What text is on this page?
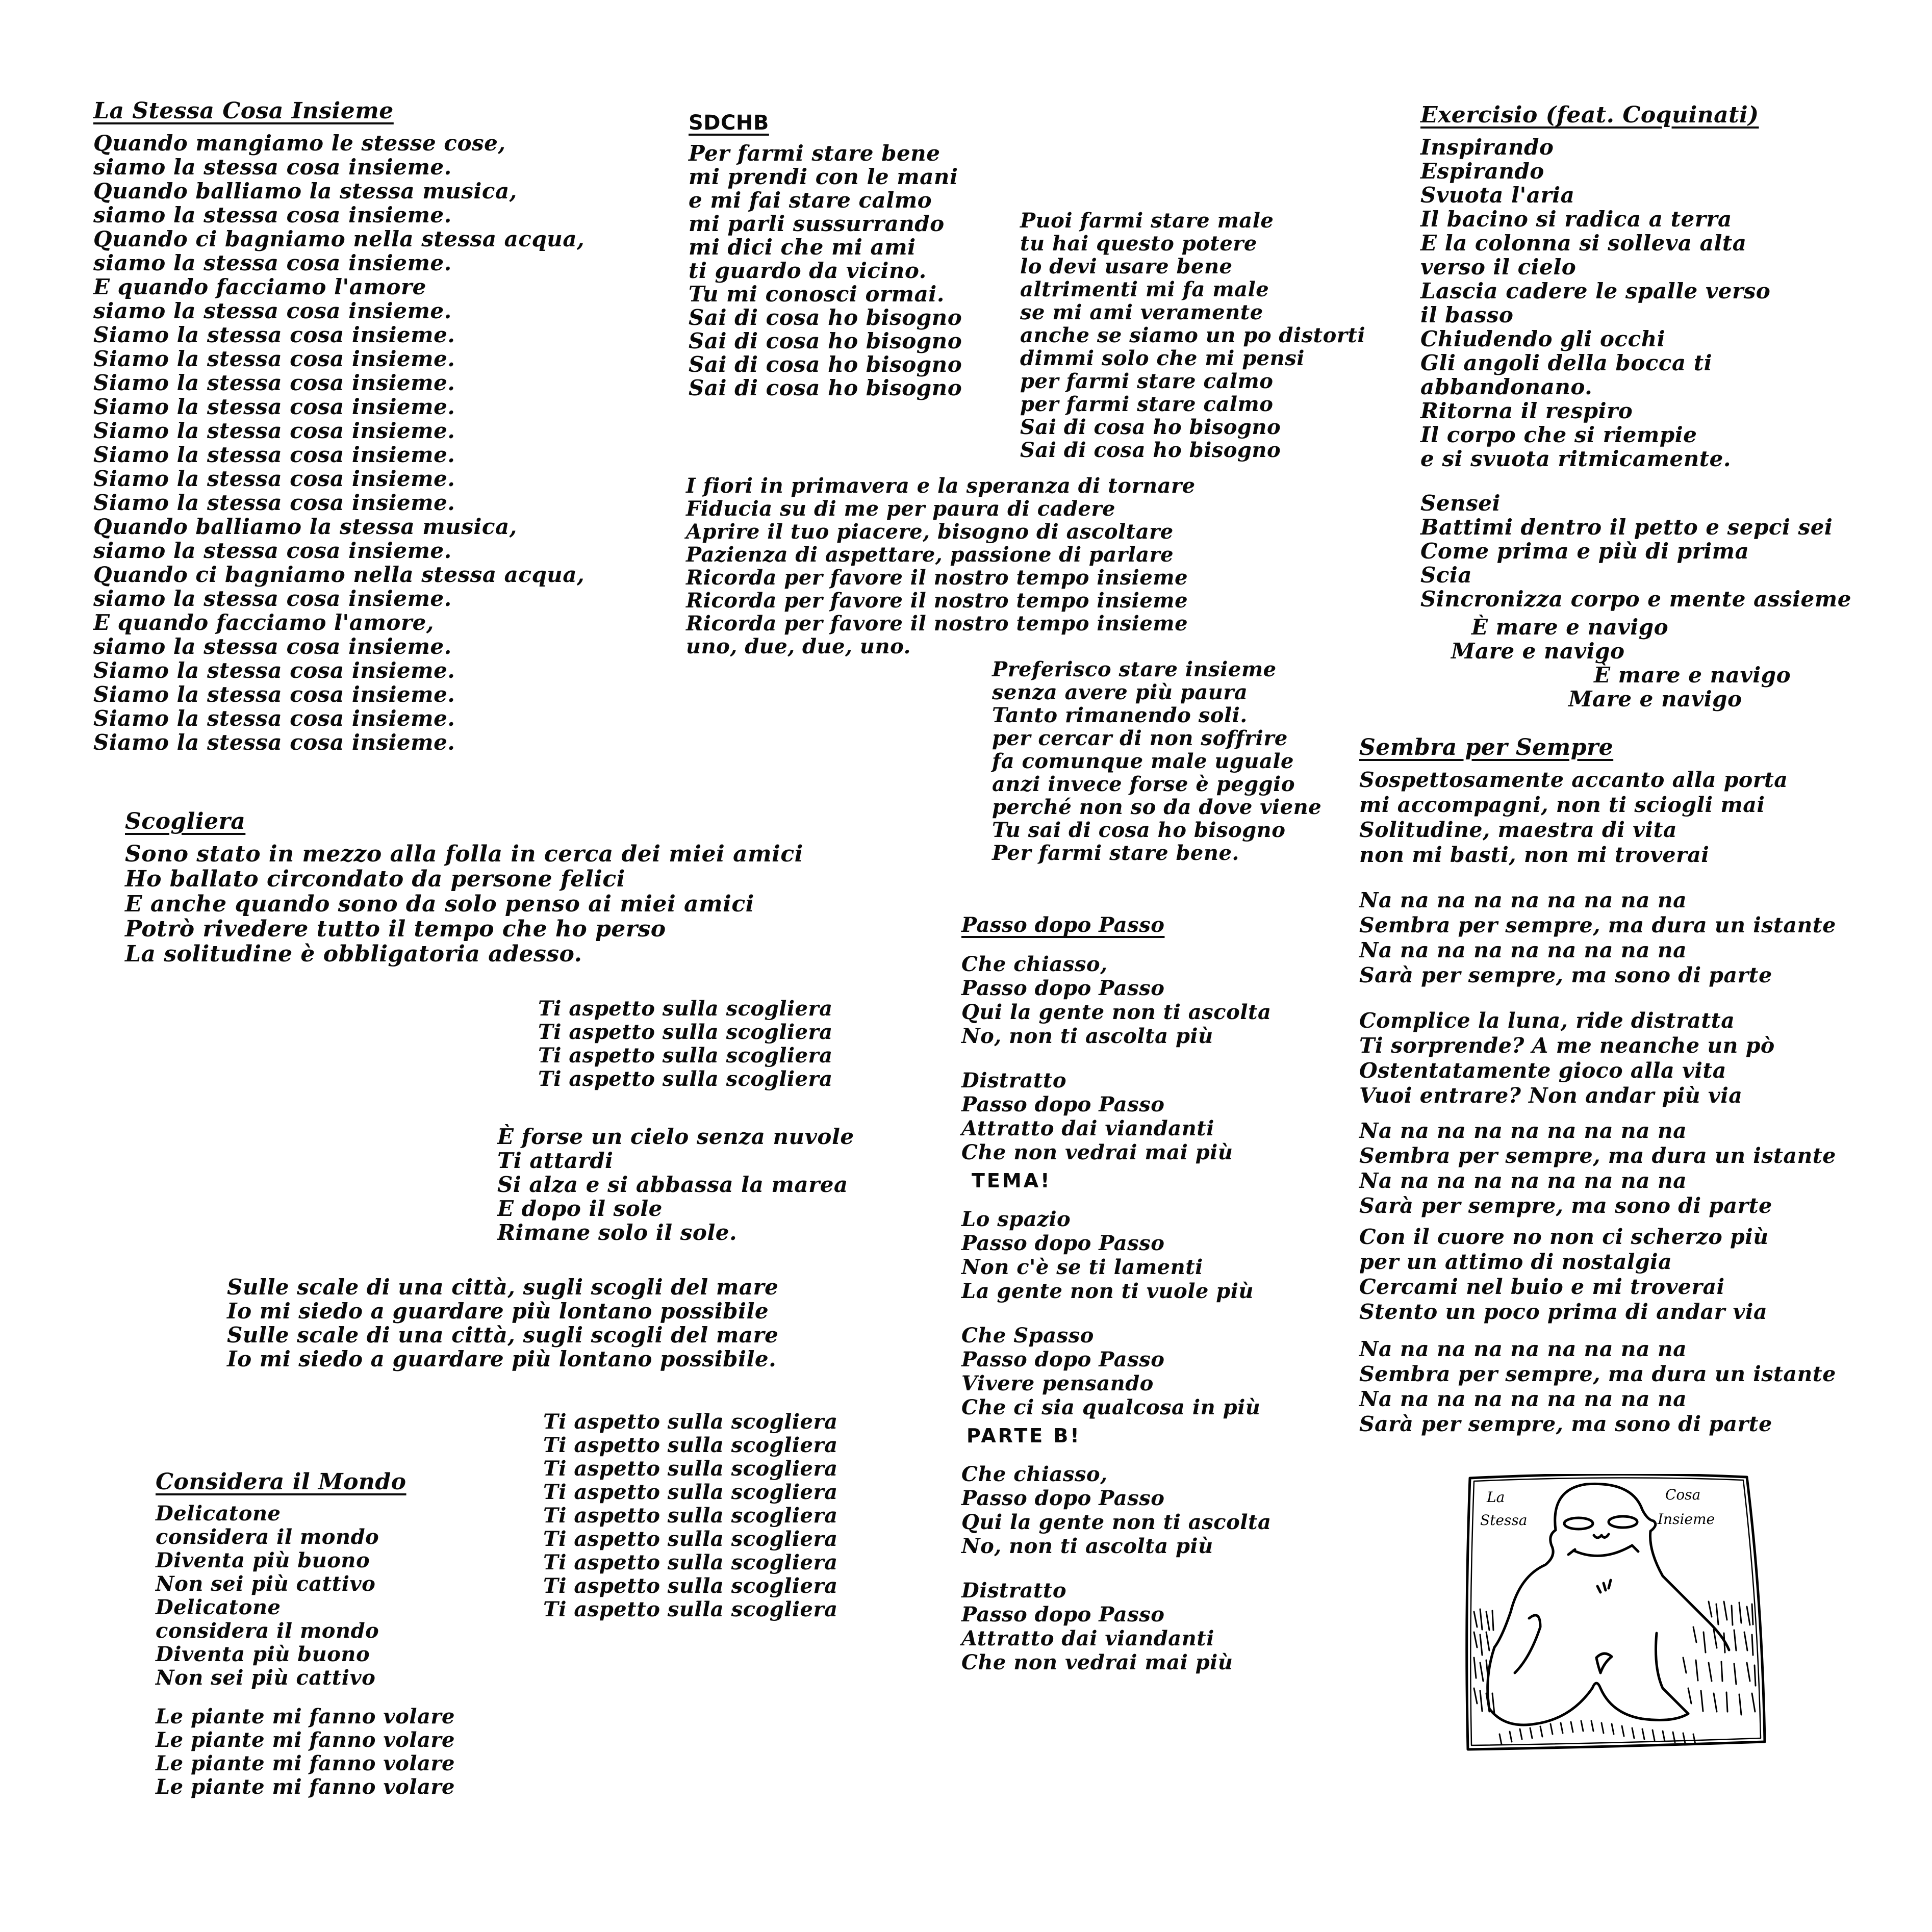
La Stessa Cosa Insieme
Quando mangiamo le stesse cose,
siamo la stessa cosa insieme.
Quando balliamo la stessa musica,
siamo la stessa cosa insieme.
Quando ci bagniamo nella stessa acqua,
siamo la stessa cosa insieme.
E quando facciamo l'amore
siamo la stessa cosa insieme.
Siamo la stessa cosa insieme.
Siamo la stessa cosa insieme.
Siamo la stessa cosa insieme.
Siamo la stessa cosa insieme.
Siamo la stessa cosa insieme.
Siamo la stessa cosa insieme.
Siamo la stessa cosa insieme.
Siamo la stessa cosa insieme.
Quando balliamo la stessa musica,
siamo la stessa cosa insieme.
Quando ci bagniamo nella stessa acqua,
siamo la stessa cosa insieme.
E quando facciamo l'amore,
siamo la stessa cosa insieme.
Siamo la stessa cosa insieme.
Siamo la stessa cosa insieme.
Siamo la stessa cosa insieme.
Siamo la stessa cosa insieme.
SDCHB
Per farmi stare bene
mi prendi con le mani
e mi fai stare calmo
mi parli sussurrando
mi dici che mi ami
ti guardo da vicino.
Tu mi conosci ormai.
Sai di cosa ho bisogno
Sai di cosa ho bisogno
Sai di cosa ho bisogno
Sai di cosa ho bisogno
Puoi farmi stare male
tu hai questo potere
lo devi usare bene
altrimenti mi fa male
se mi ami veramente
anche se siamo un po distorti
dimmi solo che mi pensi
per farmi stare calmo
per farmi stare calmo
Sai di cosa ho bisogno
Sai di cosa ho bisogno
I fiori in primavera e la speranza di tornare
Fiducia su di me per paura di cadere
Aprire il tuo piacere, bisogno di ascoltare
Pazienza di aspettare, passione di parlare
Ricorda per favore il nostro tempo insieme
Ricorda per favore il nostro tempo insieme
Ricorda per favore il nostro tempo insieme
uno, due, due, uno.
Preferisco stare insieme
senza avere più paura
Tanto rimanendo soli.
per cercar di non soffrire
fa comunque male uguale
anzi invece forse è peggio
perché non so da dove viene
Tu sai di cosa ho bisogno
Per farmi stare bene.
Exercisio (feat. Coquinati)
Inspirando
Espirando
Svuota l'aria
Il bacino si radica a terra
E la colonna si solleva alta
verso il cielo
Lascia cadere le spalle verso
il basso
Chiudendo gli occhi
Gli angoli della bocca ti
abbandonano.
Ritorna il respiro
Il corpo che si riempie
e si svuota ritmicamente.
Sensei
Battimi dentro il petto e sepci sei
Come prima e più di prima
Scia
Sincronizza corpo e mente assieme
È mare e navigo
Mare e navigo
È mare e navigo
Mare e navigo
Scogliera
Sono stato in mezzo alla folla in cerca dei miei amici
Ho ballato circondato da persone felici
E anche quando sono da solo penso ai miei amici
Potrò rivedere tutto il tempo che ho perso
La solitudine è obbligatoria adesso.
Ti aspetto sulla scogliera
Ti aspetto sulla scogliera
Ti aspetto sulla scogliera
Ti aspetto sulla scogliera
È forse un cielo senza nuvole
Ti attardi
Si alza e si abbassa la marea
E dopo il sole
Rimane solo il sole.
Sulle scale di una città, sugli scogli del mare
Io mi siedo a guardare più lontano possibile
Sulle scale di una città, sugli scogli del mare
Io mi siedo a guardare più lontano possibile.
Ti aspetto sulla scogliera
Ti aspetto sulla scogliera
Ti aspetto sulla scogliera
Ti aspetto sulla scogliera
Ti aspetto sulla scogliera
Ti aspetto sulla scogliera
Ti aspetto sulla scogliera
Ti aspetto sulla scogliera
Ti aspetto sulla scogliera
Considera il Mondo
Delicatone
considera il mondo
Diventa più buono
Non sei più cattivo
Delicatone
considera il mondo
Diventa più buono
Non sei più cattivo
Le piante mi fanno volare
Le piante mi fanno volare
Le piante mi fanno volare
Le piante mi fanno volare
Passo dopo Passo
Che chiasso,
Passo dopo Passo
Qui la gente non ti ascolta
No, non ti ascolta più
Distratto
Passo dopo Passo
Attratto dai viandanti
Che non vedrai mai più
TEMA!
Lo spazio
Passo dopo Passo
Non c'è se ti lamenti
La gente non ti vuole più
Che Spasso
Passo dopo Passo
Vivere pensando
Che ci sia qualcosa in più
PARTE B!
Che chiasso,
Passo dopo Passo
Qui la gente non ti ascolta
No, non ti ascolta più
Distratto
Passo dopo Passo
Attratto dai viandanti
Che non vedrai mai più
Sembra per Sempre
Sospettosamente accanto alla porta
mi accompagni, non ti sciogli mai
Solitudine, maestra di vita
non mi basti, non mi troverai
Na na na na na na na na na
Sembra per sempre, ma dura un istante
Na na na na na na na na na
Sarà per sempre, ma sono di parte
Complice la luna, ride distratta
Ti sorprende? A me neanche un pò
Ostentatamente gioco alla vita
Vuoi entrare? Non andar più via
Na na na na na na na na na
Sembra per sempre, ma dura un istante
Na na na na na na na na na
Sarà per sempre, ma sono di parte
Con il cuore no non ci scherzo più
per un attimo di nostalgia
Cercami nel buio e mi troverai
Stento un poco prima di andar via
Na na na na na na na na na
Sembra per sempre, ma dura un istante
Na na na na na na na na na
Sarà per sempre, ma sono di parte
La
Stessa
Cosa
Insieme
